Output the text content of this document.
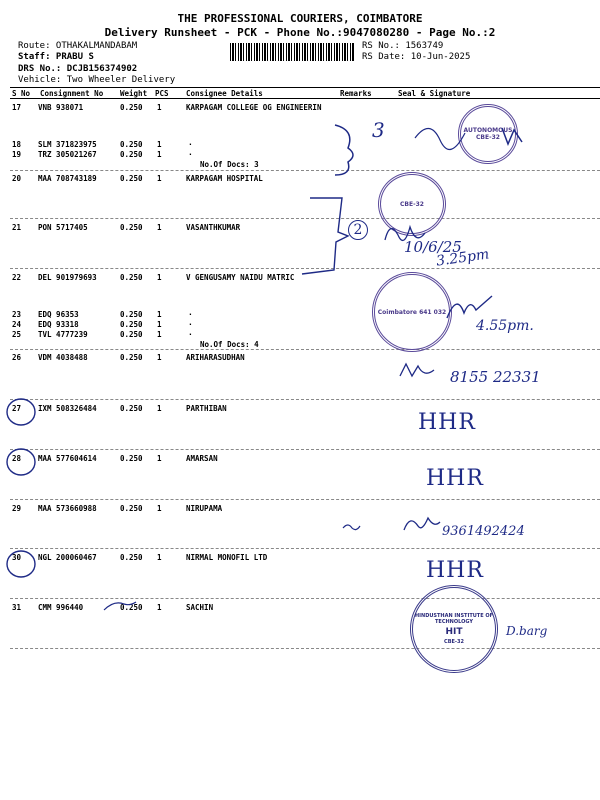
THE PROFESSIONAL COURIERS, COIMBATORE
Delivery Runsheet - PCK - Phone No.:9047080280 - Page No.:2
Route: OTHAKALMANDABAM
Staff: PRABU S
DRS No.: DCJB156374902
Vehicle: Two Wheeler Delivery
RS No.: 1563749
RS Date: 10-Jun-2025
S No Consignment No Weight PCS Consignee Details	Remarks	Seal & Signature
17 VNB 938071	0.250 1	KARPAGAM COLLEGE OG ENGINEERIN
18 SLM 371823975	0.250 1	.
19 TRZ 305021267	0.250 1	.
No.Of Docs: 3
20 MAA 708743189	0.250 1	KARPAGAM HOSPITAL
21 PON 5717405	0.250 1	VASANTHKUMAR
22 DEL 901979693	0.250 1	V GENGUSAMY NAIDU MATRIC
23 EDQ 96353	0.250 1	.
24 EDQ 93318	0.250 1	.
25 TVL 4777239	0.250 1	.
No.Of Docs: 4
26 VDM 4038488	0.250 1	ARIHARASUDHAN
27 IXM 508326484	0.250 1	PARTHIBAN
28 MAA 577604614	0.250 1	AMARSAN
29 MAA 573660988	0.250 1	NIRUPAMA
30 NGL 200060467	0.250 1	NIRMAL MONOFIL LTD
31 CMM 996440	0.250 1	SACHIN
AUTONOMOUS CBE-32
CBE-32
Coimbatore 641 032
HINDUSTHAN INSTITUTE OF TECHNOLOGY
HIT
CBE-32
3
2
10/6/25
3.25pm
4.55pm.
8155 22331
HHR
HHR
9361492424
HHR
D.barg
